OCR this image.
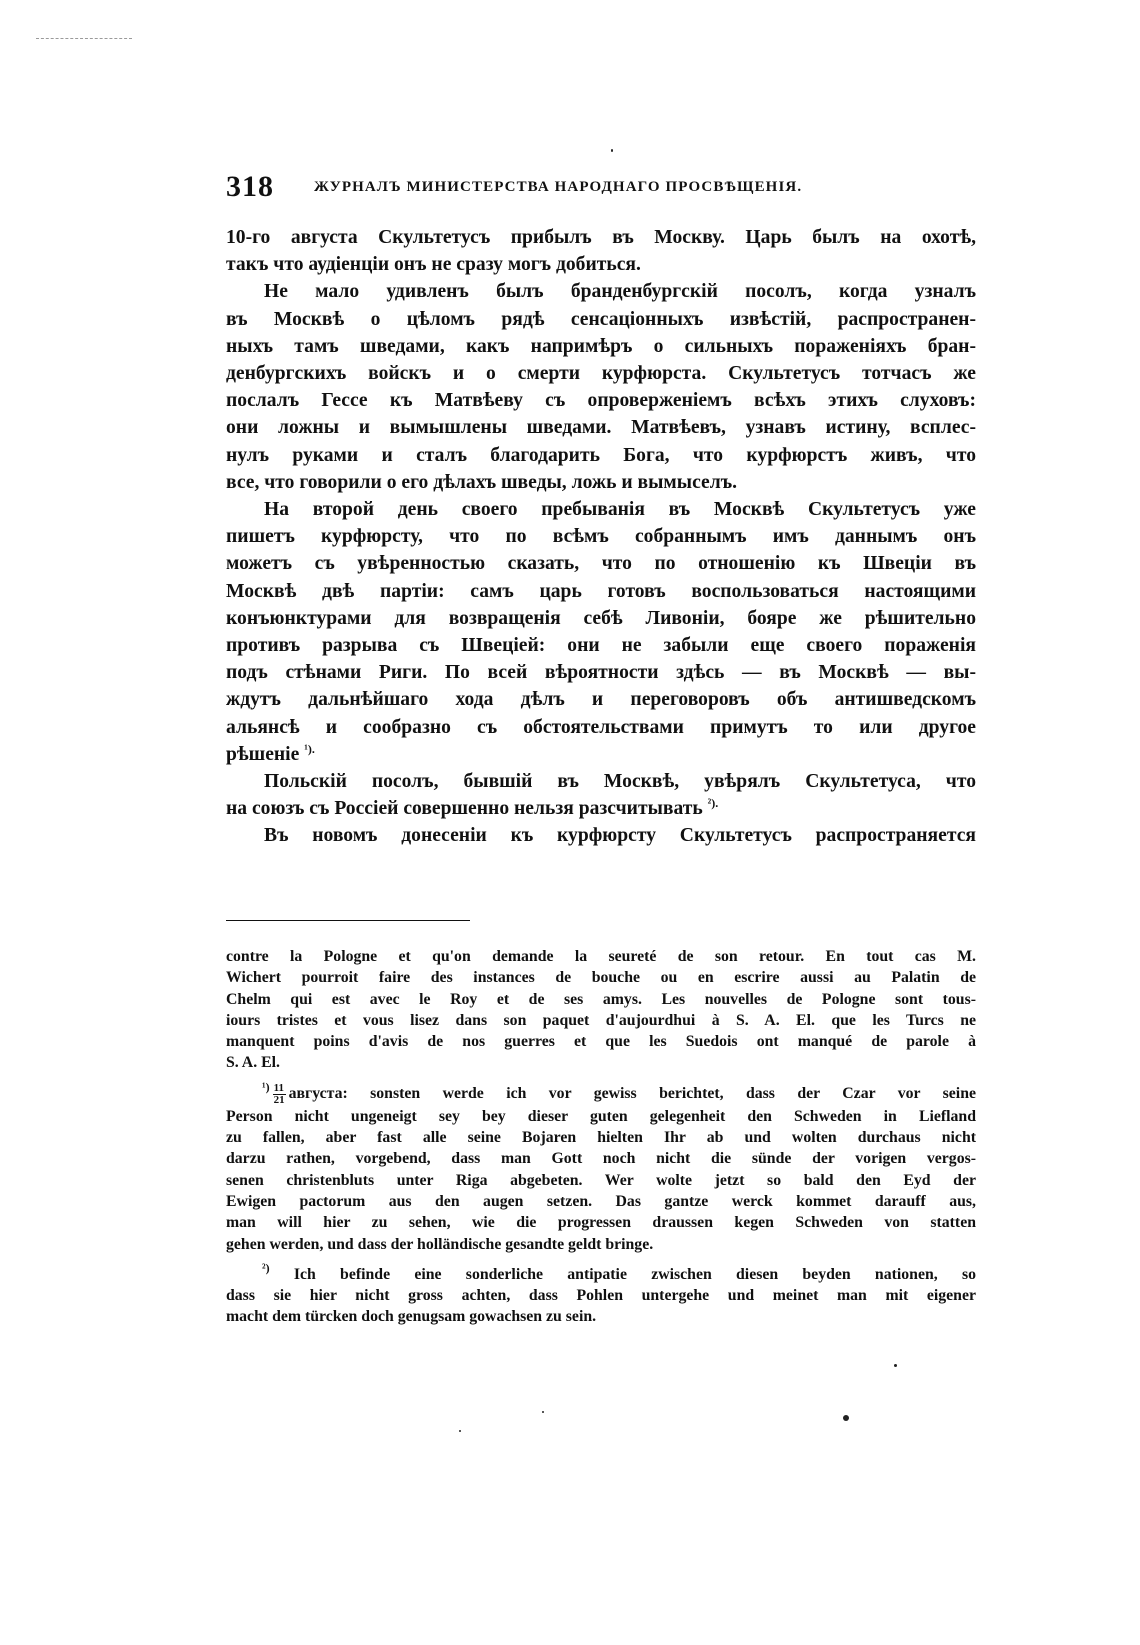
318	ЖУРНАЛЪ МИНИСТЕРСТВА НАРОДНАГО ПРОСВѢЩЕНІЯ.
10-го августа Скультетусъ прибылъ въ Москву. Царь былъ на охотѣ,
такъ что аудіенціи онъ не сразу могъ добиться.
Не мало удивленъ былъ бранденбургскій посолъ, когда узналъ
въ Москвѣ о цѣломъ рядѣ сенсаціонныхъ извѣстій, распространен-
ныхъ тамъ шведами, какъ напримѣръ о сильныхъ пораженіяхъ бран-
денбургскихъ войскъ и о смерти курфюрста. Скультетусъ тотчасъ же
послалъ Гессе къ Матвѣеву съ опроверженіемъ всѣхъ этихъ слуховъ:
они ложны и вымышлены шведами. Матвѣевъ, узнавъ истину, всплес-
нулъ руками и сталъ благодарить Бога, что курфюрстъ живъ, что
все, что говорили о его дѣлахъ шведы, ложь и вымыселъ.
На второй день своего пребыванія въ Москвѣ Скультетусъ уже
пишетъ курфюрсту, что по всѣмъ собраннымъ имъ даннымъ онъ
можетъ съ увѣренностью сказать, что по отношенію къ Швеціи въ
Москвѣ двѣ партіи: самъ царь готовъ воспользоваться настоящими
конъюнктурами для возвращенія себѣ Ливоніи, бояре же рѣшительно
противъ разрыва съ Швеціей: они не забыли еще своего пораженія
подъ стѣнами Риги. По всей вѣроятности здѣсь — въ Москвѣ — вы-
ждутъ дальнѣйшаго хода дѣлъ и переговоровъ объ антишведскомъ
альянсѣ и сообразно съ обстоятельствами примутъ то или другое
рѣшеніе $^{^1).}$
Польскій посолъ, бывшій въ Москвѣ, увѣрялъ Скультетуса, что
на союзъ съ Россіей совершенно нельзя разсчитывать $^{^2).}$
Въ новомъ донесеніи къ курфюрсту Скультетусъ распространяется
contre la Pologne et qu'on demande la seureté de son retour. En tout cas M.
Wichert pourroit faire des instances de bouche ou en escrire aussi au Palatin de
Chelm qui est avec le Roy et de ses amys. Les nouvelles de Pologne sont tous-
iours tristes et vous lisez dans son paquet d'aujourdhui à S. A. El. que les Turcs ne
manquent poins d'avis de nos guerres et que les Suedois ont manqué de parole à
S. A. El.
$^{^1)} \frac{11}{21}$ августа: sonsten werde ich vor gewiss berichtet, dass der Czar vor seine
Person nicht ungeneigt sey bey dieser guten gelegenheit den Schweden in Liefland
zu fallen, aber fast alle seine Bojaren hielten Ihr ab und wolten durchaus nicht
darzu rathen, vorgebend, dass man Gott noch nicht die sünde der vorigen vergos-
senen christenbluts unter Riga abgebeten. Wer wolte jetzt so bald den Eyd der
Ewigen pactorum aus den augen setzen. Das gantze werck kommet darauff aus,
man will hier zu sehen, wie die progressen draussen kegen Schweden von statten
gehen werden, und dass der holländische gesandte geldt bringe.
$^{^2)}$ Ich befinde eine sonderliche antipatie zwischen diesen beyden nationen, so
dass sie hier nicht gross achten, dass Pohlen untergehe und meinet man mit eigener
macht dem türcken doch genugsam gowachsen zu sein.
